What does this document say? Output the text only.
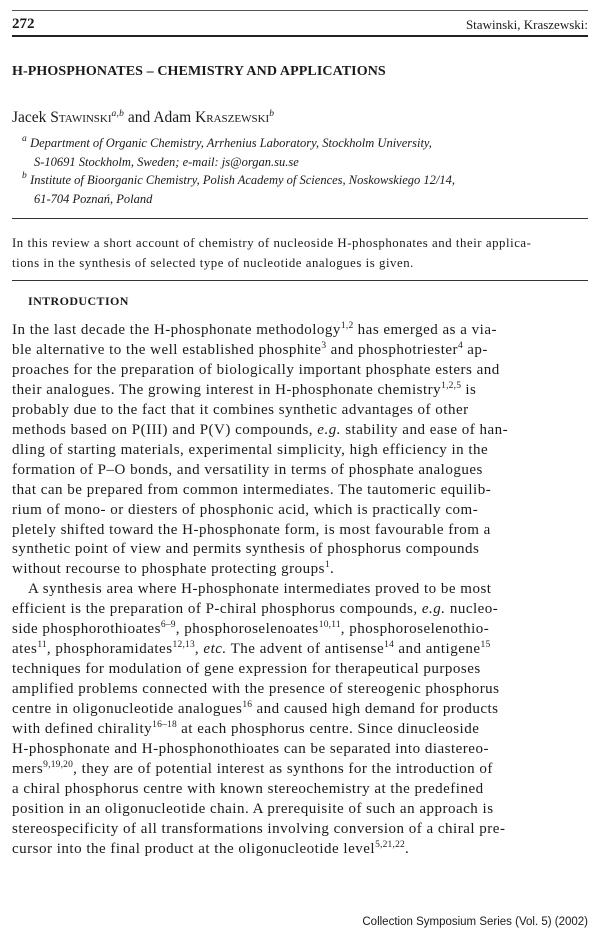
272	Stawinski, Kraszewski:
H-PHOSPHONATES – CHEMISTRY AND APPLICATIONS
Jacek Stawinski$^{a,b}$ and Adam Kraszewski$^b$
$^a$ Department of Organic Chemistry, Arrhenius Laboratory, Stockholm University,
S-10691 Stockholm, Sweden; e-mail: js@organ.su.se
$^b$ Institute of Bioorganic Chemistry, Polish Academy of Sciences, Noskowskiego 12/14,
61-704 Poznań, Poland
In this review a short account of chemistry of nucleoside H-phosphonates and their applica-
tions in the synthesis of selected type of nucleotide analogues is given.
INTRODUCTION
In the last decade the H-phosphonate methodology$^{1,2}$ has emerged as a via-
ble alternative to the well established phosphite$^3$ and phosphotriester$^4$ ap-
proaches for the preparation of biologically important phosphate esters and
their analogues. The growing interest in H-phosphonate chemistry$^{1,2,5}$ is
probably due to the fact that it combines synthetic advantages of other
methods based on P(III) and P(V) compounds, e.g. stability and ease of han-
dling of starting materials, experimental simplicity, high efficiency in the
formation of P–O bonds, and versatility in terms of phosphate analogues
that can be prepared from common intermediates. The tautomeric equilib-
rium of mono- or diesters of phosphonic acid, which is practically com-
pletely shifted toward the H-phosphonate form, is most favourable from a
synthetic point of view and permits synthesis of phosphorus compounds
without recourse to phosphate protecting groups$^1$.
A synthesis area where H-phosphonate intermediates proved to be most
efficient is the preparation of P-chiral phosphorus compounds, e.g. nucleo-
side phosphorothioates$^{6-9}$, phosphoroselenoates$^{10,11}$, phosphoroselenothio-
ates$^{11}$, phosphoramidates$^{12,13}$, etc. The advent of antisense$^{14}$ and antigene$^{15}$
techniques for modulation of gene expression for therapeutical purposes
amplified problems connected with the presence of stereogenic phosphorus
centre in oligonucleotide analogues$^{16}$ and caused high demand for products
with defined chirality$^{16-18}$ at each phosphorus centre. Since dinucleoside
H-phosphonate and H-phosphonothioates can be separated into diastereo-
mers$^{9,19,20}$, they are of potential interest as synthons for the introduction of
a chiral phosphorus centre with known stereochemistry at the predefined
position in an oligonucleotide chain. A prerequisite of such an approach is
stereospecificity of all transformations involving conversion of a chiral pre-
cursor into the final product at the oligonucleotide level$^{5,21,22}$.
Collection Symposium Series (Vol. 5) (2002)
